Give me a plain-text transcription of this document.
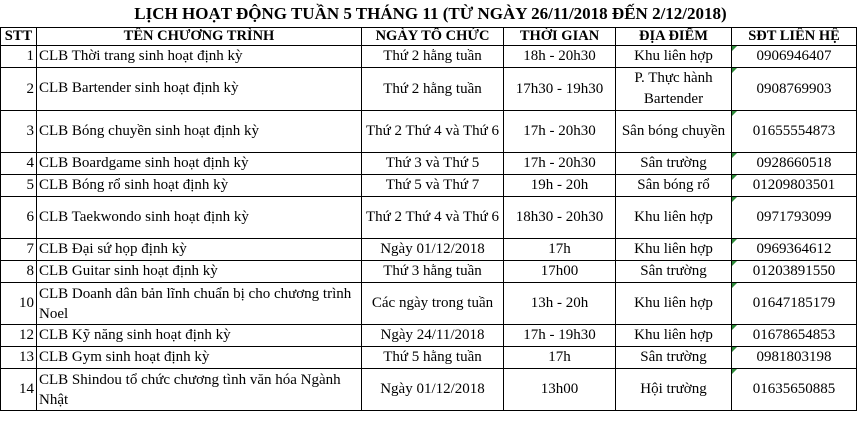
LỊCH HOẠT ĐỘNG TUẦN 5 THÁNG 11 (TỪ NGÀY 26/11/2018 ĐẾN 2/12/2018)
STT	TÊN CHƯƠNG TRÌNH	NGÀY TỔ CHỨC	THỜI GIAN	ĐỊA ĐIỂM	SĐT LIÊN HỆ
1	CLB Thời trang sinh hoạt định kỳ	Thứ 2 hằng tuần	18h - 20h30	Khu liên hợp	0906946407
2	CLB Bartender sinh hoạt định kỳ	Thứ 2 hằng tuần	17h30 - 19h30	P. Thực hành Bartender	0908769903
3	CLB Bóng chuyền sinh hoạt định kỳ	Thứ 2 Thứ 4 và Thứ 6	17h - 20h30	Sân bóng chuyền	01655554873
4	CLB Boardgame sinh hoạt định kỳ	Thứ 3 và Thứ 5	17h - 20h30	Sân trường	0928660518
5	CLB Bóng rổ sinh hoạt định kỳ	Thứ 5 và Thứ 7	19h - 20h	Sân bóng rổ	01209803501
6	CLB Taekwondo sinh hoạt định kỳ	Thứ 2 Thứ 4 và Thứ 6	18h30 - 20h30	Khu liên hợp	0971793099
7	CLB Đại sứ họp định kỳ	Ngày 01/12/2018	17h	Khu liên hợp	0969364612
8	CLB Guitar sinh hoạt định kỳ	Thứ 3 hằng tuần	17h00	Sân trường	01203891550
10	CLB Doanh dân bản lĩnh chuẩn bị cho chương trình Noel	Các ngày trong tuần	13h - 20h	Khu liên hợp	01647185179
12	CLB Kỹ năng sinh hoạt định kỳ	Ngày 24/11/2018	17h - 19h30	Khu liên hợp	01678654853
13	CLB Gym sinh hoạt định kỳ	Thứ 5 hằng tuần	17h	Sân trường	0981803198
14	CLB Shindou tổ chức chương tình văn hóa Ngành Nhật	Ngày 01/12/2018	13h00	Hội trường	01635650885
